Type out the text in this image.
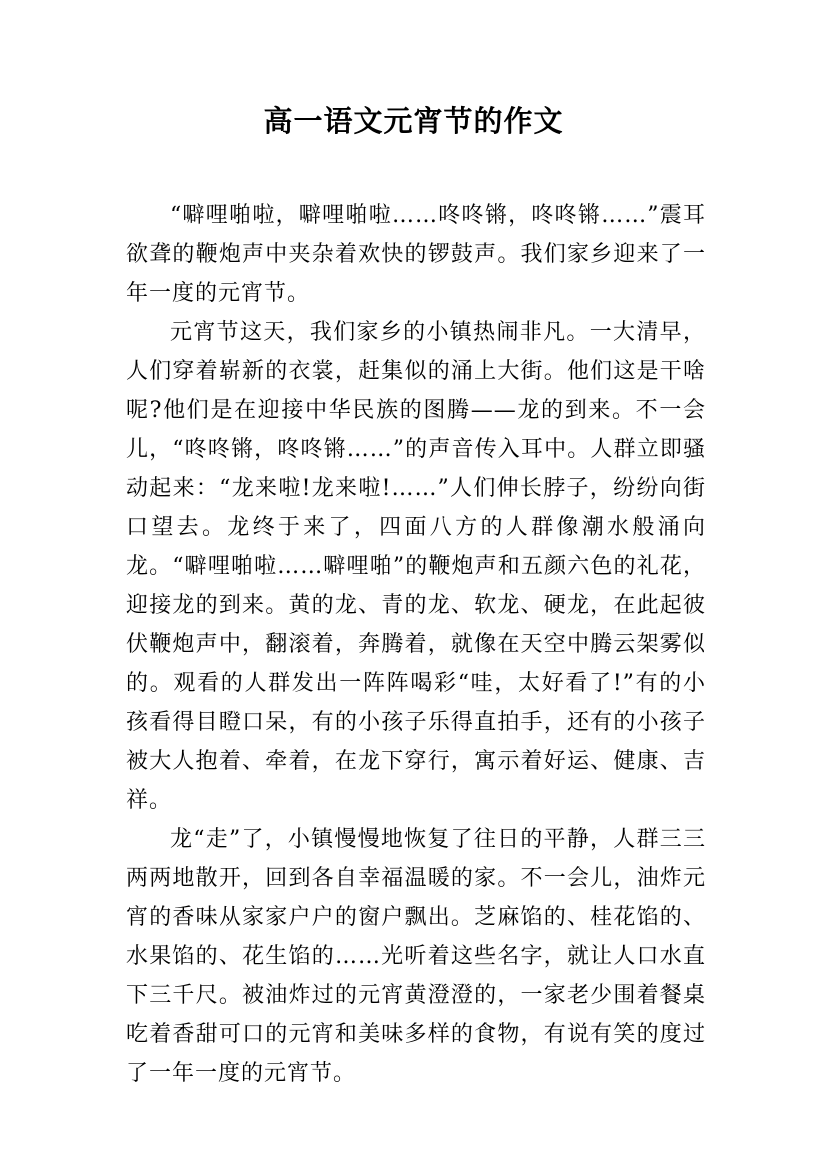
高一语文元宵节的作文

“噼哩啪啦，噼哩啪啦……咚咚锵，咚咚锵……”震耳欲聋的鞭炮声中夹杂着欢快的锣鼓声。我们家乡迎来了一年一度的元宵节。

元宵节这天，我们家乡的小镇热闹非凡。一大清早，人们穿着崭新的衣裳，赶集似的涌上大街。他们这是干啥呢?他们是在迎接中华民族的图腾——龙的到来。不一会儿，“咚咚锵，咚咚锵……”的声音传入耳中。人群立即骚动起来：“龙来啦!龙来啦!……”人们伸长脖子，纷纷向街口望去。龙终于来了，四面八方的人群像潮水般涌向龙。“噼哩啪啦……噼哩啪”的鞭炮声和五颜六色的礼花，迎接龙的到来。黄的龙、青的龙、软龙、硬龙，在此起彼伏鞭炮声中，翻滚着，奔腾着，就像在天空中腾云架雾似的。观看的人群发出一阵阵喝彩“哇，太好看了!”有的小孩看得目瞪口呆，有的小孩子乐得直拍手，还有的小孩子被大人抱着、牵着，在龙下穿行，寓示着好运、健康、吉祥。

龙“走”了，小镇慢慢地恢复了往日的平静，人群三三两两地散开，回到各自幸福温暖的家。不一会儿，油炸元宵的香味从家家户户的窗户飘出。芝麻馅的、桂花馅的、水果馅的、花生馅的……光听着这些名字，就让人口水直下三千尺。被油炸过的元宵黄澄澄的，一家老少围着餐桌吃着香甜可口的元宵和美味多样的食物，有说有笑的度过了一年一度的元宵节。
